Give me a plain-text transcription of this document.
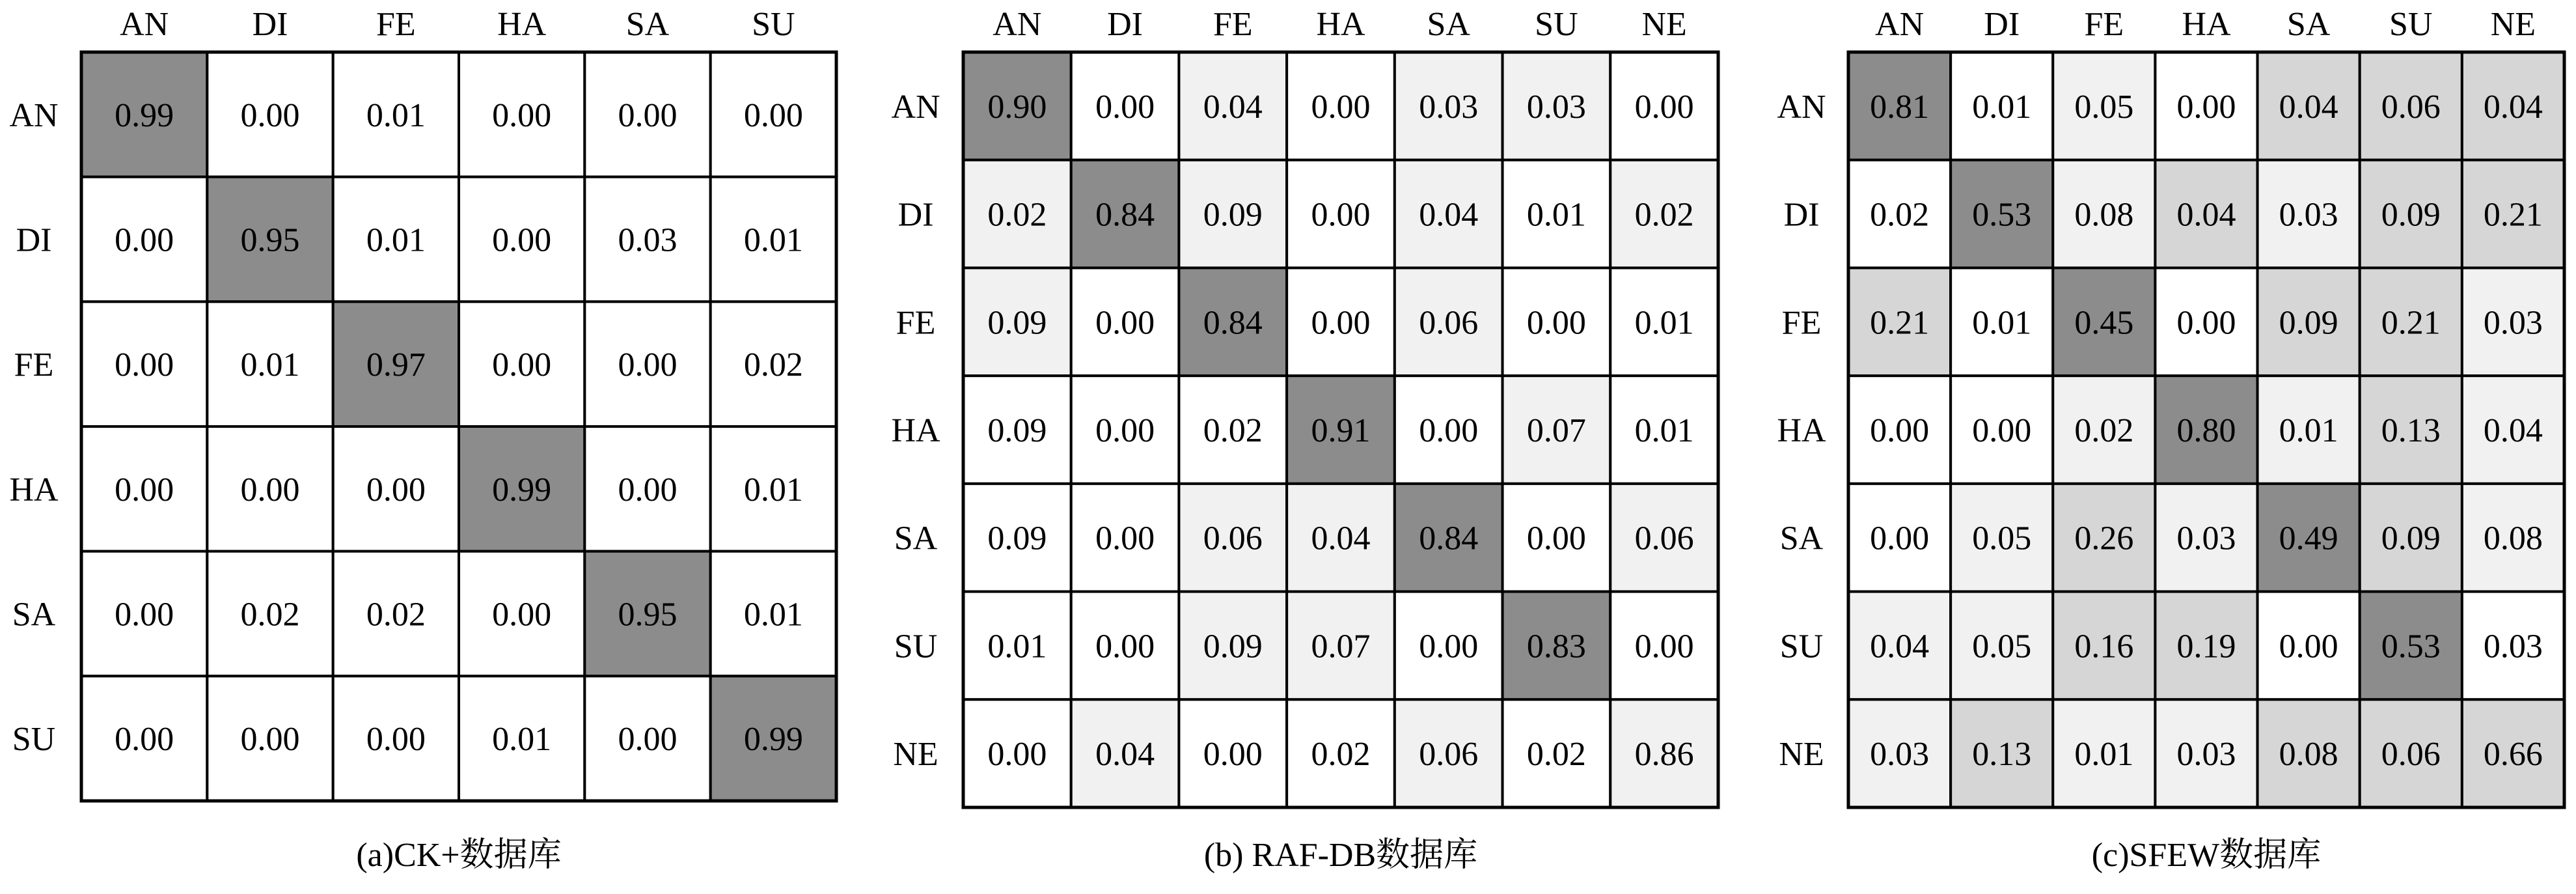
0.99 0.00 0.01 0.00 0.00 0.00
0.00 0.95 0.01 0.00 0.03 0.01
0.00 0.01 0.97 0.00 0.00 0.02
0.00 0.00 0.00 0.99 0.00 0.01
0.00 0.02 0.02 0.00 0.95 0.01
0.00 0.00 0.00 0.01 0.00 0.99
AN DI	FE HA SA SU
AN
DI
FE
HA
SA
SU
(a)CK+数据库
0.90 0.00 0.04 0.00 0.03 0.03 0.00
0.02 0.84 0.09 0.00 0.04 0.01 0.02
0.09 0.00 0.84 0.00 0.06 0.00 0.01
0.09 0.00 0.02 0.91 0.00 0.07 0.01
0.09 0.00 0.06 0.04 0.84 0.00 0.06
0.01 0.00 0.09 0.07 0.00 0.83 0.00
0.00 0.04 0.00 0.02 0.06 0.02 0.86
AN DI FE HA SA SU NE
AN
DI
FE
HA
SA
SU
NE
(b) RAF-DB数据库
0.81 0.01 0.05 0.00 0.04 0.06 0.04
0.02 0.53 0.08 0.04 0.03 0.09 0.21
0.21 0.01 0.45 0.00 0.09 0.21 0.03
0.00 0.00 0.02 0.80 0.01 0.13 0.04
0.00 0.05 0.26 0.03 0.49 0.09 0.08
0.04 0.05 0.16 0.19 0.00 0.53 0.03
0.03 0.13 0.01 0.03 0.08 0.06 0.66
AN DI FE HA SA SU NE
AN
DI
FE
HA
SA
SU
NE
(c)SFEW数据库
